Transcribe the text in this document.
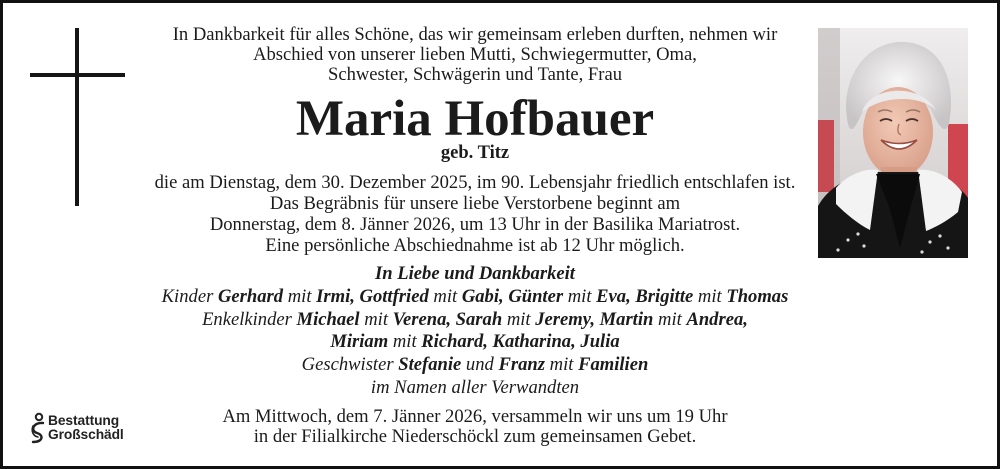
In Dankbarkeit für alles Schöne, das wir gemeinsam erleben durften, nehmen wir
Abschied von unserer lieben Mutti, Schwiegermutter, Oma,
Schwester, Schwägerin und Tante, Frau
Maria Hofbauer
geb. Titz
die am Dienstag, dem 30. Dezember 2025, im 90. Lebensjahr friedlich entschlafen ist.
Das Begräbnis für unsere liebe Verstorbene beginnt am
Donnerstag, dem 8. Jänner 2026, um 13 Uhr in der Basilika Mariatrost.
Eine persönliche Abschiednahme ist ab 12 Uhr möglich.
In Liebe und Dankbarkeit
Kinder Gerhard mit Irmi, Gottfried mit Gabi, Günter mit Eva, Brigitte mit Thomas
Enkelkinder Michael mit Verena, Sarah mit Jeremy, Martin mit Andrea,
Miriam mit Richard, Katharina, Julia
Geschwister Stefanie und Franz mit Familien
im Namen aller Verwandten
Am Mittwoch, dem 7. Jänner 2026, versammeln wir uns um 19 Uhr
in der Filialkirche Niederschöckl zum gemeinsamen Gebet.
Bestattung
Großschädl
